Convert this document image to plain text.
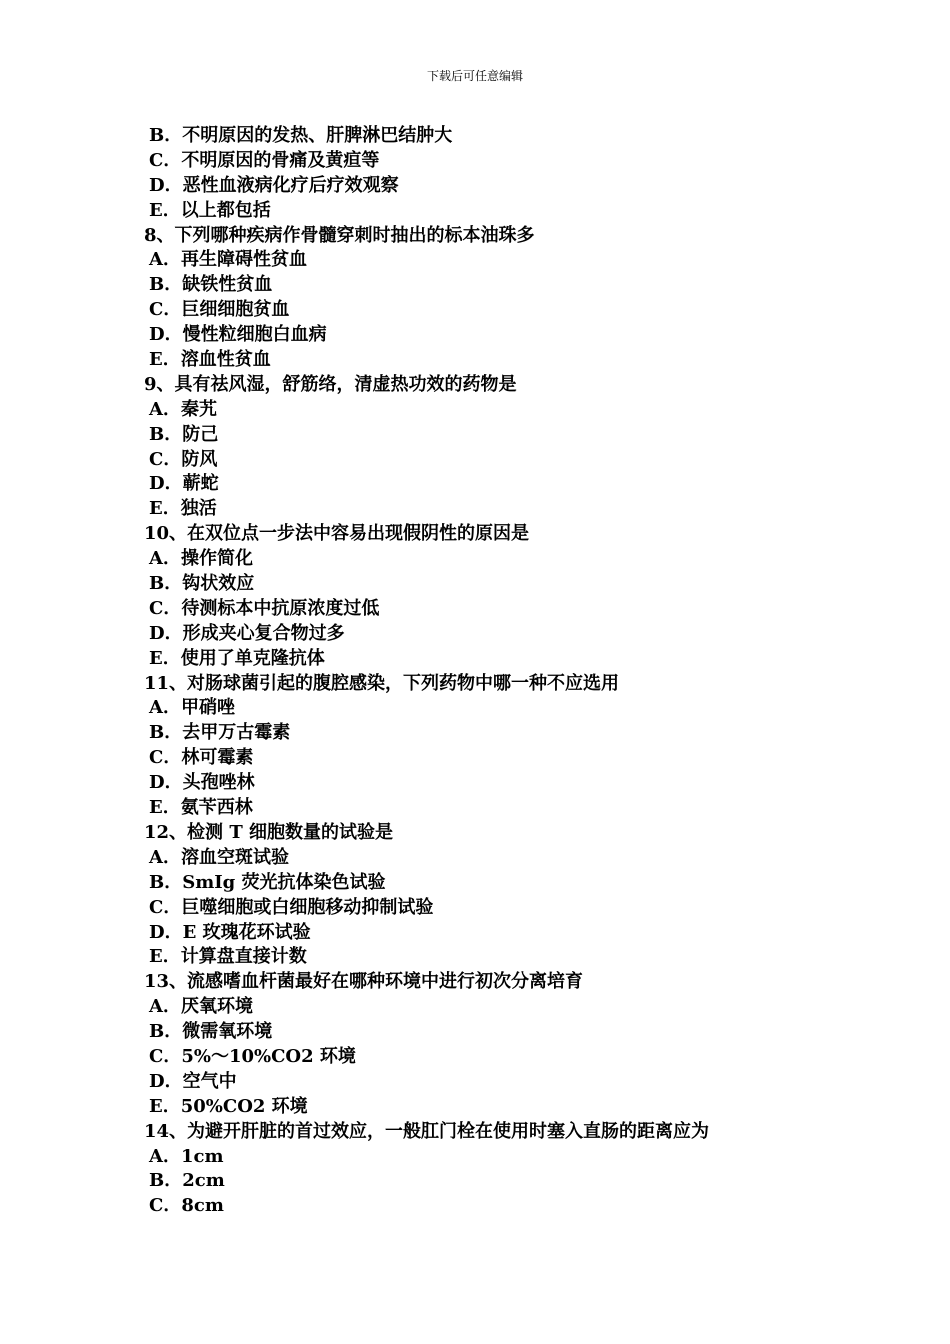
下载后可任意编辑
B．不明原因的发热、肝脾淋巴结肿大
C．不明原因的骨痛及黄疸等
D．恶性血液病化疗后疗效观察
E．以上都包括
8、下列哪种疾病作骨髓穿刺时抽出的标本油珠多
A．再生障碍性贫血
B．缺铁性贫血
C．巨细细胞贫血
D．慢性粒细胞白血病
E．溶血性贫血
9、具有祛风湿，舒筋络，清虚热功效的药物是
A．秦艽
B．防己
C．防风
D．蕲蛇
E．独活
10、在双位点一步法中容易出现假阴性的原因是
A．操作简化
B．钩状效应
C．待测标本中抗原浓度过低
D．形成夹心复合物过多
E．使用了单克隆抗体
11、对肠球菌引起的腹腔感染，下列药物中哪一种不应选用
A．甲硝唑
B．去甲万古霉素
C．林可霉素
D．头孢唑林
E．氨苄西林
12、检测 T 细胞数量的试验是
A．溶血空斑试验
B．SmIg 荧光抗体染色试验
C．巨噬细胞或白细胞移动抑制试验
D．E 玫瑰花环试验
E．计算盘直接计数
13、流感嗜血杆菌最好在哪种环境中进行初次分离培育
A．厌氧环境
B．微需氧环境
C．5%～10%CO2 环境
D．空气中
E．50%CO2 环境
14、为避开肝脏的首过效应，一般肛门栓在使用时塞入直肠的距离应为
A．1cm
B．2cm
C．8cm
